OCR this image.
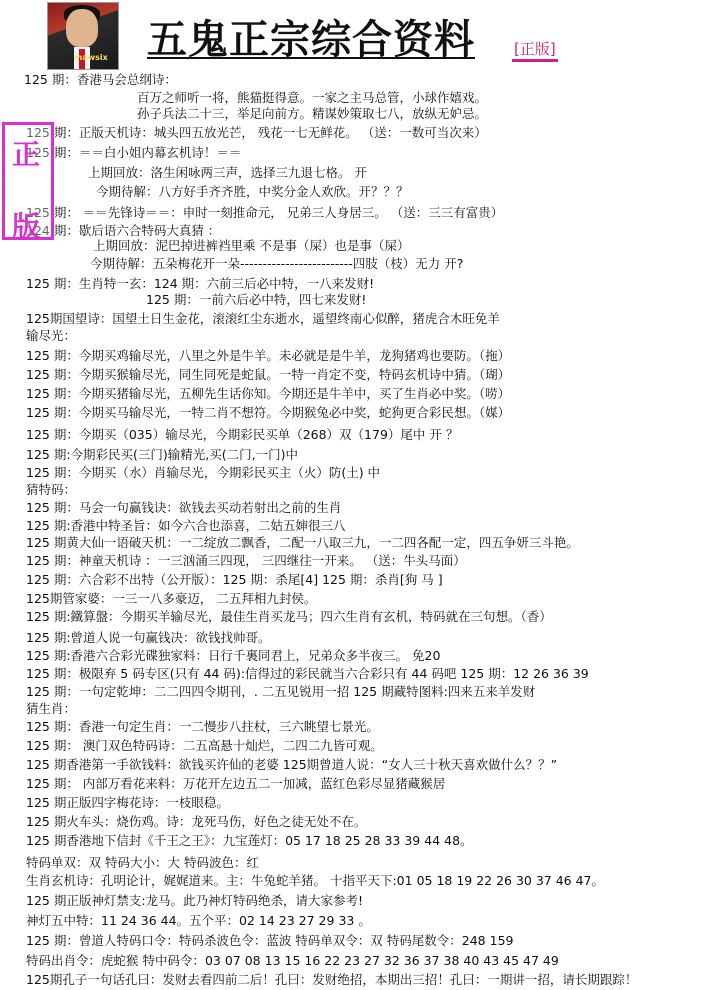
mawsix 五鬼正宗综合资料	[正版]
125 期：香港马会总纲诗：
百万之师听一将，熊猫挺得意。一家之主马总管，小球作嬉戏。
孙子兵法二十三，举足向前方。精谋妙策取七八，放纵无妒忌。
125 期：正版天机诗：城头四五放光芒， 残花一七无鲜花。 （送：一数可当次来）
125 期：＝＝白小姐内幕玄机诗！＝＝
上期回放：洛生闲咏两三声，选择三九退七格。 开
今期待解：八方好手齐齐胜，中奖分金人欢欣。开？？？
125 期： ＝＝先锋诗＝＝：申时一刻推命元， 兄弟三人身居三。 （送：三三有富贵）
124 期：歇后语六合特码大真猜 ：
上期回放：泥巴掉进裤裆里乘 不是事（屎）也是事（屎）
今期待解：五朵梅花开一朵-------------------------四肢（枝）无力 开?
125 期：生肖特一玄：124 期：六前三后必中特，一八来发财!
125 期：一前六后必中特，四七来发财!
125期国望诗：国望土日生金花，滚滚红尘东逝水，遥望终南心似醉，猪虎合木旺免羊
输尽光：
125 期：今期买鸡输尽光，八里之外是牛羊。未必就是是牛羊，龙狗猪鸡也要防。（拖）
125 期：今期买猴输尽光，同生同死是蛇鼠。一特一肖定不变，特码玄机诗中猜。（瑚）
125 期：今期买猪输尽光，五柳先生话你知。今期还是牛羊中，买了生肖必中奖。（唠）
125 期：今期买马输尽光，一特二肖不想符。今期猴兔必中奖，蛇狗更合彩民想。（媒）
125 期：今期买（035）输尽光，今期彩民买单（268）双（179）尾中 开 ？
125 期:今期彩民买(三门)输精光,买(二门,一门)中
125 期：今期买（水）肖输尽光，今期彩民买主（火）防(土) 中
猜特码：
125 期：马会一句赢钱诀：欲钱去买动若射出之前的生肖
125 期:香港中特圣旨：如今六合也添喜，二姑五婶很三八
125 期黄大仙一语破天机：一二绽放二飘香，二配一八取三九，一二四各配一定，四五争妍三斗艳。
125 期：神童天机诗 ：一三汹涌三四现， 三四继往一开来。 （送：牛头马面）
125 期：六合彩不出特（公开版）：125 期：杀尾[4] 125 期：杀肖[狗 马 ]
125期管家婆：一三一八多豪迈， 二五拜相九封侯。
125 期:鐵算盤：今期买羊输尽光，最佳生肖买龙马；四六生肖有玄机，特码就在三句想。（香）
125 期:曾道人说一句赢钱决：欲钱找帅哥。
125 期:香港六合彩光碟独家料：日行千裏同君上，兄弟众多半夜三。 免20
125 期：极限弃 5 码专区(只有 44 码):信得过的彩民就当六合彩只有 44 码吧 125 期：12 26 36 39
125 期：一句定乾坤：二二四四令期刊，. 二五见锐用一招 125 期藏特图料:四来五来羊发财
猜生肖：
125 期：香港一句定生肖：一二慢步八拄杖，三六眺望七景光。
125 期： 澳门双色特码诗：二五高悬十灿烂，二四二九皆可观。
125 期香港第一手欲钱料：欲钱买许仙的老婆 125期曾道人说：“女人三十秋天喜欢做什么？？”
125 期： 内部万看花来料：万花开左边五二一加减，蓝红色彩尽显猪藏猴居
125 期正版四字梅花诗：一枝眼稳。
125 期火车头：烧伤鸡。诗：龙死马伤，好色之徒无处不在。
125 期香港地下信封《千王之王》：九宝莲灯：05 17 18 25 28 33 39 44 48。
特码单双：双 特码大小：大 特码波色：红
生肖玄机诗：孔明论计，娓娓道来。主：牛兔蛇羊猪。 十指平天下:01 05 18 19 22 26 30 37 46 47。
125 期正版神灯禁支:龙马。此乃神灯特码绝杀，请大家参考!
神灯五中特：11 24 36 44。五个平：02 14 23 27 29 33 。
125 期：曾道人特码口令：特码杀波色令：蓝波 特码单双令：双 特码尾数令：248 159
特码出肖令：虎蛇猴 特中码令：03 07 08 13 15 16 22 23 27 32 36 37 38 40 43 45 47 49
125期孔子一句话孔曰：发财去看四前二后！孔曰：发财绝招，本期出三招！孔曰：一期讲一招，请长期跟踪！
正
版
